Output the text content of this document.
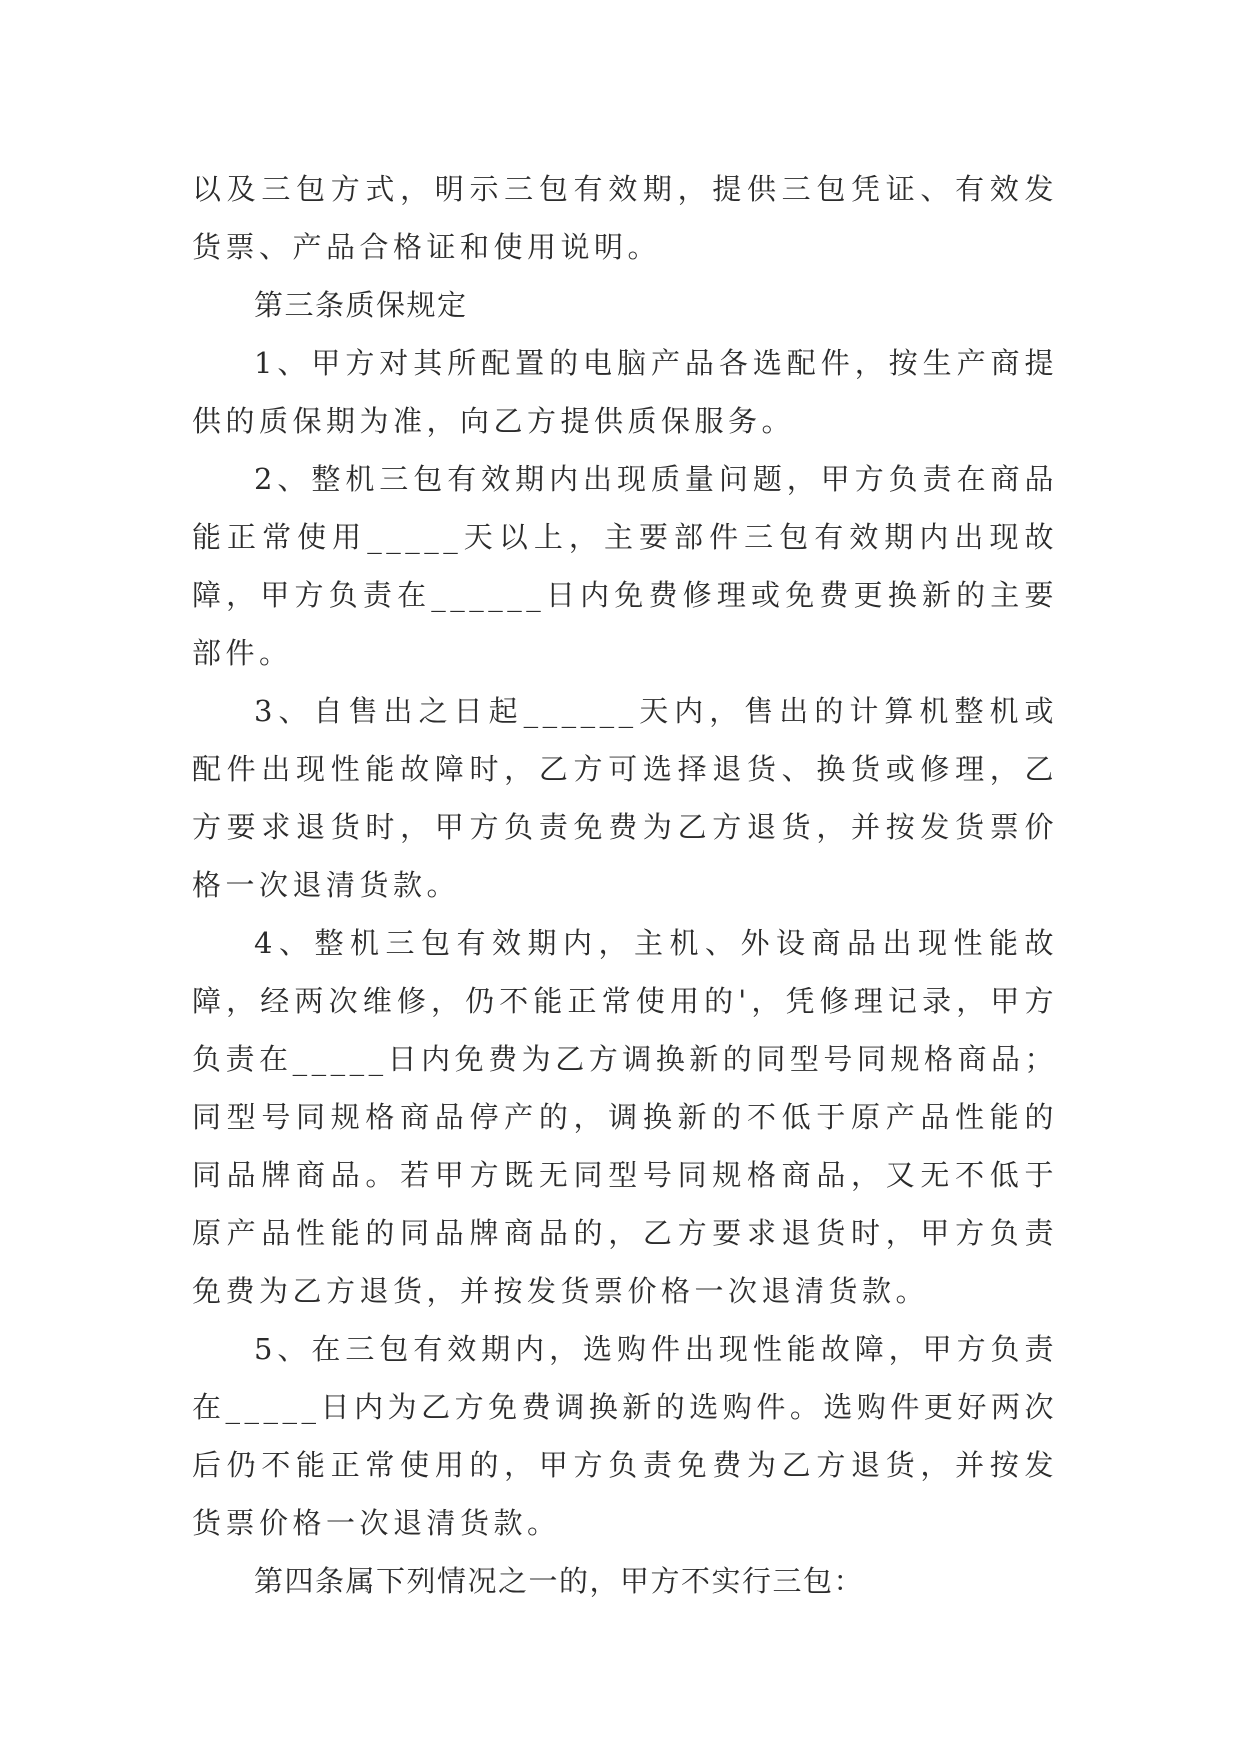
以及三包方式，明示三包有效期，提供三包凭证、有效发货票、产品合格证和使用说明。

第三条质保规定

1、甲方对其所配置的电脑产品各选配件，按生产商提供的质保期为准，向乙方提供质保服务。

2、整机三包有效期内出现质量问题，甲方负责在商品能正常使用_____天以上，主要部件三包有效期内出现故障，甲方负责在______日内免费修理或免费更换新的主要部件。

3、自售出之日起______天内，售出的计算机整机或配件出现性能故障时，乙方可选择退货、换货或修理，乙方要求退货时，甲方负责免费为乙方退货，并按发货票价格一次退清货款。

4、整机三包有效期内，主机、外设商品出现性能故障，经两次维修，仍不能正常使用的'，凭修理记录，甲方负责在_____日内免费为乙方调换新的同型号同规格商品；同型号同规格商品停产的，调换新的不低于原产品性能的同品牌商品。若甲方既无同型号同规格商品，又无不低于原产品性能的同品牌商品的，乙方要求退货时，甲方负责免费为乙方退货，并按发货票价格一次退清货款。

5、在三包有效期内，选购件出现性能故障，甲方负责在_____日内为乙方免费调换新的选购件。选购件更好两次后仍不能正常使用的，甲方负责免费为乙方退货，并按发货票价格一次退清货款。

第四条属下列情况之一的，甲方不实行三包：
